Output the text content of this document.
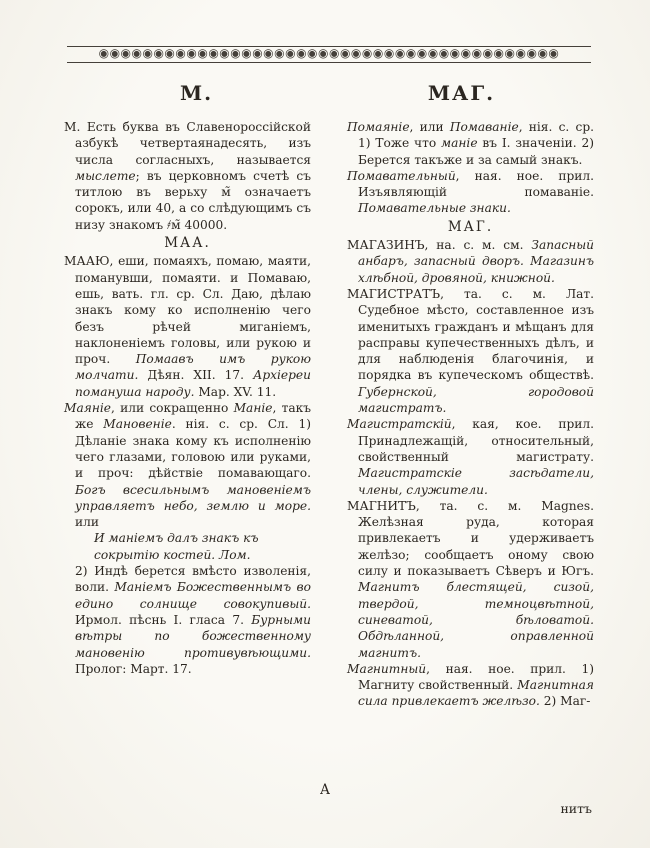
◉◉◉◉◉◉◉◉◉◉◉◉◉◉◉◉◉◉◉◉◉◉◉◉◉◉◉◉◉◉◉◉◉◉◉◉◉◉◉◉◉◉
М.	МАГ.
М. Есть буква въ Славенороссійской азбукѣ четвертаянадесять, изъ числа согласныхъ, называется мыслете; въ церковномъ счетѣ съ титлою въ верьху м̃ означаетъ сорокъ, или 40, а со слѣдующимъ съ низу знакомъ ҂м̃ 40000.
МАА.
МААЮ, еши, помаяхъ, помаю, маяти, поманувши, помаяти. и Помаваю, ешь, вать. гл. ср. Сл. Даю, дѣлаю знакъ кому ко исполненію чего безъ рѣчей миганіемъ, наклоненіемъ головы, или рукою и проч. Помаавъ имъ рукою молчати. Дѣян. XII. 17. Архіереи помануша народу. Мар. XV. 11.
Маяніе, или сокращенно Маніе, такъ же Мановеніе. нія. с. ср. Сл. 1) Дѣланіе знака кому къ исполненію чего глазами, головою или руками, и проч: дѣйствіе помавающаго. Богъ всесильнымъ мановеніемъ управляетъ небо, землю и море. или
И маніемъ далъ знакъ къ сокрытію костей. Лом.
2) Индѣ берется вмѣсто изволенія, воли. Маніемъ Божественнымъ во едино солнище совокупивый. Ирмол. пѣснь I. гласа 7. Бурными вѣтры по божественному мановенію противувѣющими. Пролог: Март. 17.
Помаяніе, или Помаваніе, нія. с. ср. 1) Тоже что маніе въ I. значеніи. 2) Берется такъже и за самый знакъ.
Помавательный, ная. ное. прил. Изъявляющій помаваніе. Помавательные знаки.
МАГ.
МАГАЗИНЪ, на. с. м. см. Запасный анбаръ, запасный дворъ. Магазинъ хлѣбной, дровяной, книжной.
МАГИСТРАТЪ, та. с. м. Лат. Судебное мѣсто, составленное изъ именитыхъ гражданъ и мѣщанъ для расправы купечественныхъ дѣлъ, и для наблюденія благочинія, и порядка въ купеческомъ обществѣ. Губернской, городовой магистратъ.
Магистратскій, кая, кое. прил. Принадлежащій, относительный, свойственный магистрату. Магистратскіе засѣдатели, члены, служители.
МАГНИТЪ, та. с. м. Magnes. Желѣзная руда, которая привлекаетъ и удерживаетъ желѣзо; сообщаетъ оному свою силу и показываетъ Сѣверъ и Югъ. Магнитъ блестящей, сизой, твердой, темноцвѣтной, синеватой, бѣловатой. Обдѣланной, оправленной магнитъ.
Магнитный, ная. ное. прил. 1) Магниту свойственный. Магнитная сила привлекаетъ желѣзо. 2) Маг-
А
нитъ
